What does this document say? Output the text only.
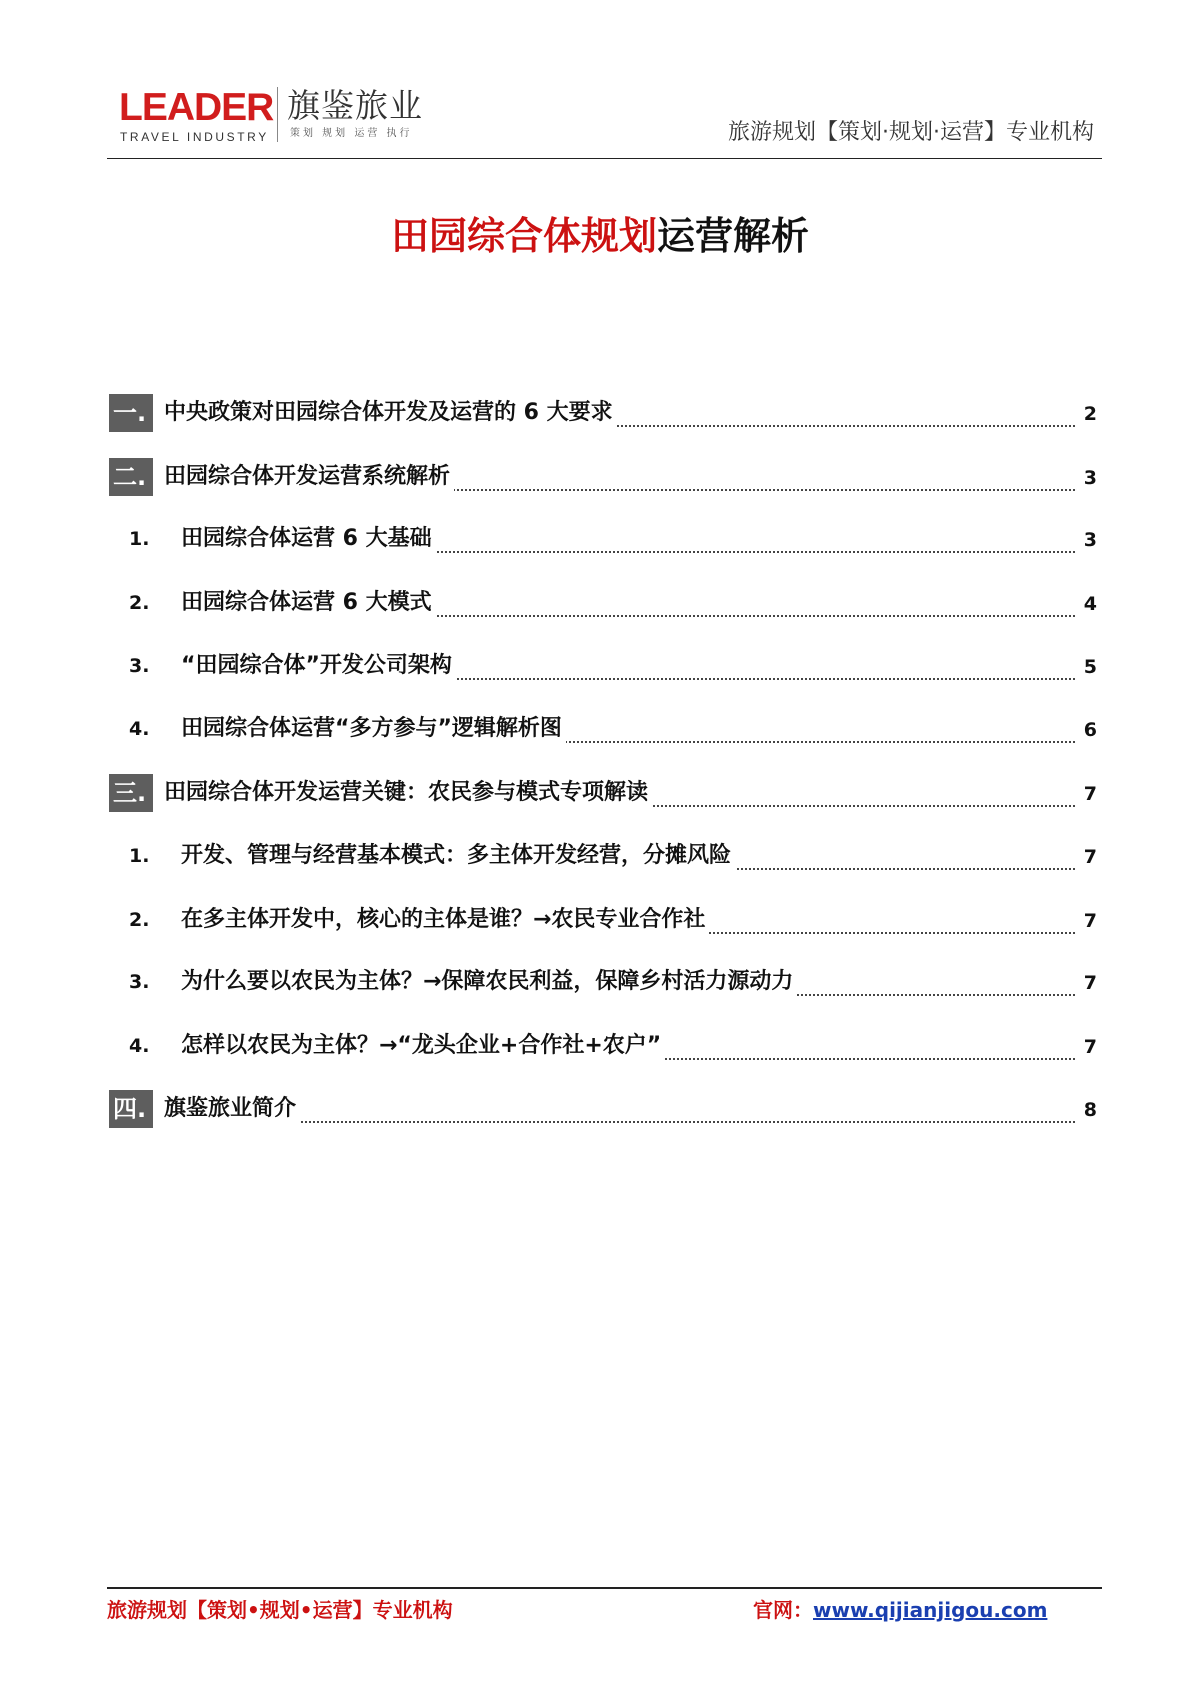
LEADER
TRAVEL INDUSTRY
旗鉴旅业
策划 规划 运营 执行	旅游规划【策划·规划·运营】专业机构
田园综合体规划运营解析
一. 中央政策对田园综合体开发及运营的 6 大要求	2
二. 田园综合体开发运营系统解析	3
1. 田园综合体运营 6 大基础	3
2. 田园综合体运营 6 大模式	4
3. “田园综合体”开发公司架构	5
4. 田园综合体运营“多方参与”逻辑解析图	6
三. 田园综合体开发运营关键：农民参与模式专项解读	7
1. 开发、管理与经营基本模式：多主体开发经营，分摊风险	7
2. 在多主体开发中，核心的主体是谁？→农民专业合作社	7
3. 为什么要以农民为主体？→保障农民利益，保障乡村活力源动力	7
4. 怎样以农民为主体？→“龙头企业+合作社+农户”	7
四. 旗鉴旅业简介	8
旅游规划【策划•规划•运营】专业机构	官网：www.qijianjigou.com
